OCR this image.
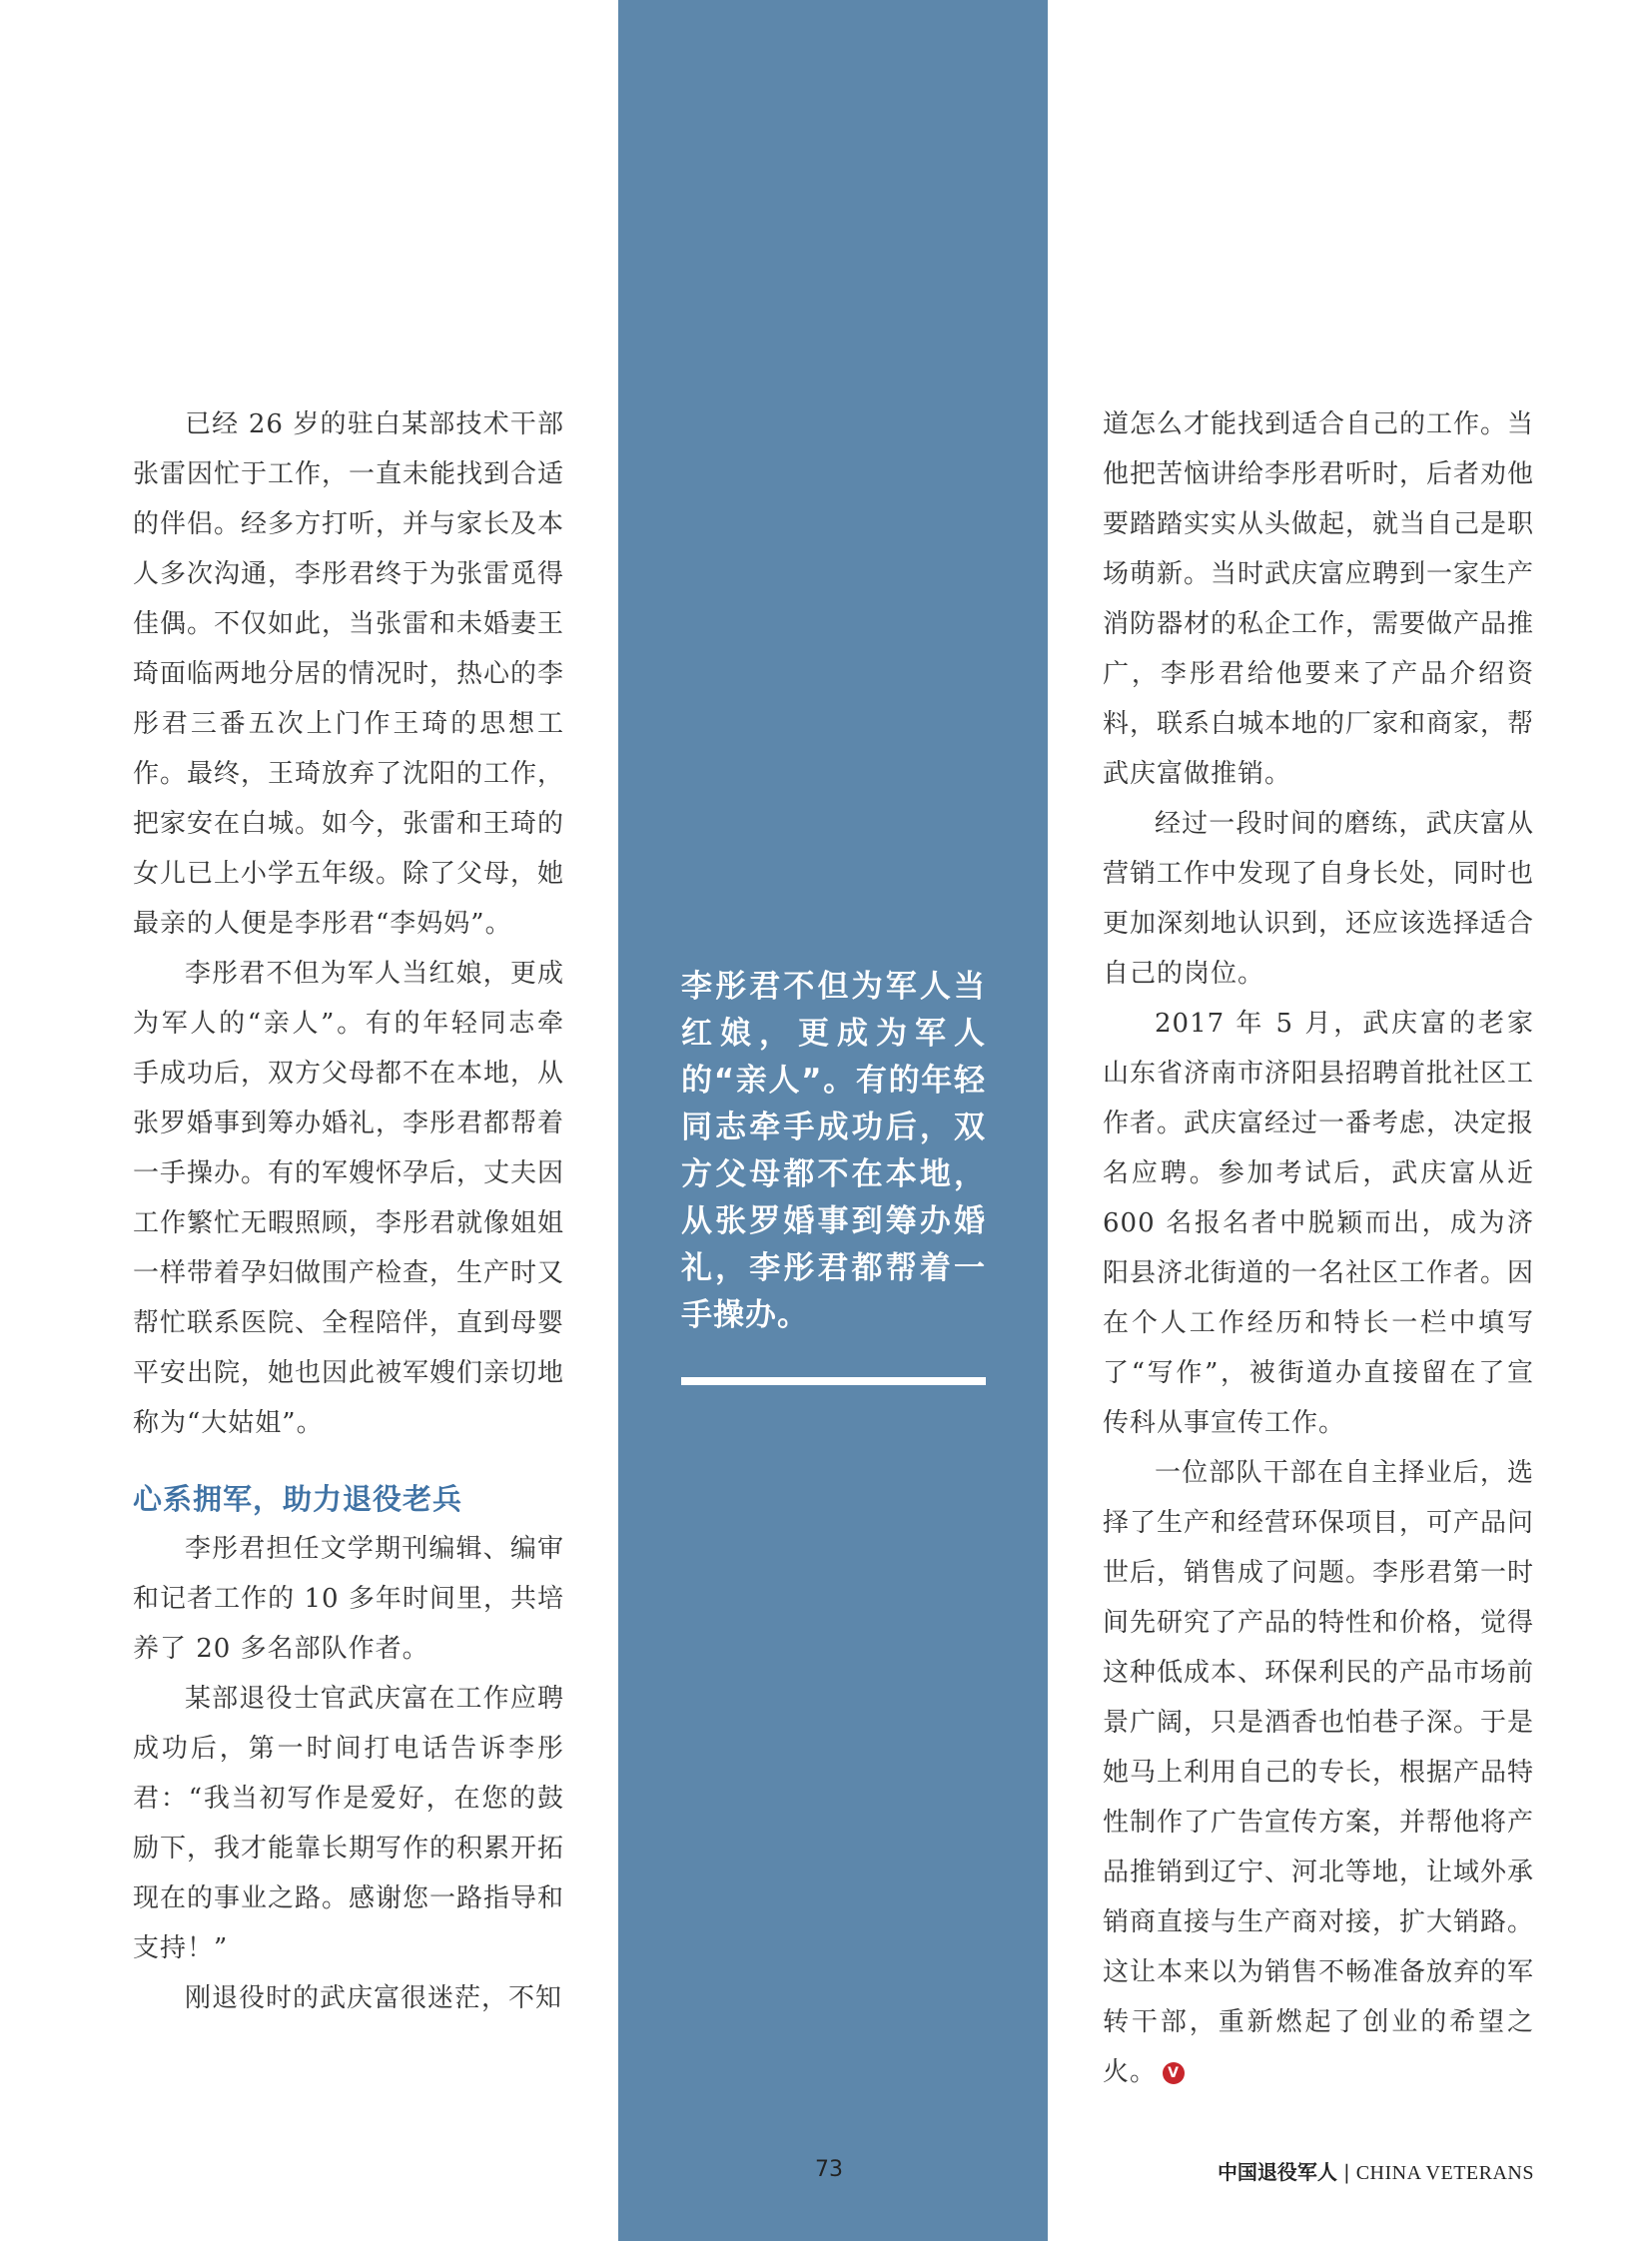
已经 26 岁的驻白某部技术干部张雷因忙于工作，一直未能找到合适的伴侣。经多方打听，并与家长及本人多次沟通，李彤君终于为张雷觅得佳偶。不仅如此，当张雷和未婚妻王琦面临两地分居的情况时，热心的李彤君三番五次上门作王琦的思想工作。最终，王琦放弃了沈阳的工作，把家安在白城。如今，张雷和王琦的女儿已上小学五年级。除了父母，她最亲的人便是李彤君“李妈妈”。

李彤君不但为军人当红娘，更成为军人的“亲人”。有的年轻同志牵手成功后，双方父母都不在本地，从张罗婚事到筹办婚礼，李彤君都帮着一手操办。有的军嫂怀孕后，丈夫因工作繁忙无暇照顾，李彤君就像姐姐一样带着孕妇做围产检查，生产时又帮忙联系医院、全程陪伴，直到母婴平安出院，她也因此被军嫂们亲切地称为“大姑姐”。

心系拥军，助力退役老兵

李彤君担任文学期刊编辑、编审和记者工作的 10 多年时间里，共培养了 20 多名部队作者。

某部退役士官武庆富在工作应聘成功后，第一时间打电话告诉李彤君：“我当初写作是爱好，在您的鼓励下，我才能靠长期写作的积累开拓现在的事业之路。感谢您一路指导和支持！”

刚退役时的武庆富很迷茫，不知

道怎么才能找到适合自己的工作。当他把苦恼讲给李彤君听时，后者劝他要踏踏实实从头做起，就当自己是职场萌新。当时武庆富应聘到一家生产消防器材的私企工作，需要做产品推广，李彤君给他要来了产品介绍资料，联系白城本地的厂家和商家，帮武庆富做推销。

经过一段时间的磨练，武庆富从营销工作中发现了自身长处，同时也更加深刻地认识到，还应该选择适合自己的岗位。

2017 年 5 月，武庆富的老家山东省济南市济阳县招聘首批社区工作者。武庆富经过一番考虑，决定报名应聘。参加考试后，武庆富从近 600 名报名者中脱颖而出，成为济阳县济北街道的一名社区工作者。因在个人工作经历和特长一栏中填写了“写作”，被街道办直接留在了宣传科从事宣传工作。

一位部队干部在自主择业后，选择了生产和经营环保项目，可产品问世后，销售成了问题。李彤君第一时间先研究了产品的特性和价格，觉得这种低成本、环保利民的产品市场前景广阔，只是酒香也怕巷子深。于是她马上利用自己的专长，根据产品特性制作了广告宣传方案，并帮他将产品推销到辽宁、河北等地，让域外承销商直接与生产商对接，扩大销路。这让本来以为销售不畅准备放弃的军转干部，重新燃起了创业的希望之火。 V

李彤君不但为军人当红娘，更成为军人的“亲人”。有的年轻同志牵手成功后，双方父母都不在本地，从张罗婚事到筹办婚礼，李彤君都帮着一手操办。
73	中国退役军人 | CHINA VETERANS
